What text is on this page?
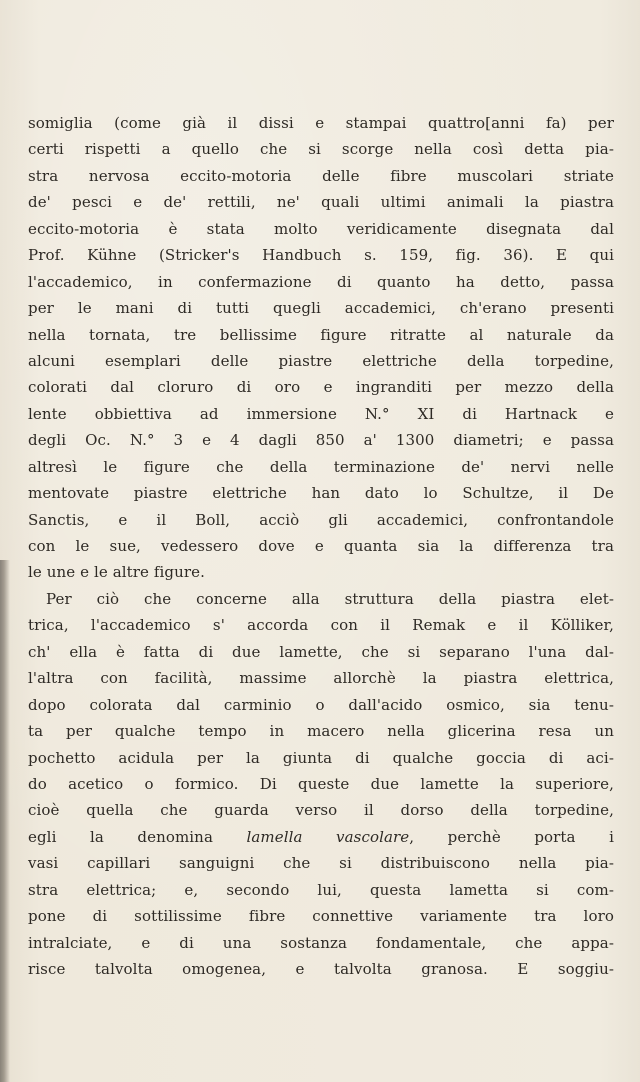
somiglia (come già il dissi e stampai quattro[anni fa) per
certi rispetti a quello che si scorge nella così detta pia-
stra nervosa eccito-motoria delle fibre muscolari striate
de' pesci e de' rettili, ne' quali ultimi animali la piastra
eccito-motoria è stata molto veridicamente disegnata dal
Prof. Kühne (Stricker's Handbuch s. 159, fig. 36). E qui
l'accademico, in confermazione di quanto ha detto, passa
per le mani di tutti quegli accademici, ch'erano presenti
nella tornata, tre bellissime figure ritratte al naturale da
alcuni esemplari delle piastre elettriche della torpedine,
colorati dal cloruro di oro e ingranditi per mezzo della
lente obbiettiva ad immersione N.° XI di Hartnack e
degli Oc. N.° 3 e 4 dagli 850 a' 1300 diametri; e passa
altresì le figure che della terminazione de' nervi nelle
mentovate piastre elettriche han dato lo Schultze, il De
Sanctis, e il Boll, acciò gli accademici, confrontandole
con le sue, vedessero dove e quanta sia la differenza tra
le une e le altre figure.
Per ciò che concerne alla struttura della piastra elet-
trica, l'accademico s' accorda con il Remak e il Kölliker,
ch' ella è fatta di due lamette, che si separano l'una dal-
l'altra con facilità, massime allorchè la piastra elettrica,
dopo colorata dal carminio o dall'acido osmico, sia tenu-
ta per qualche tempo in macero nella glicerina resa un
pochetto acidula per la giunta di qualche goccia di aci-
do acetico o formico. Di queste due lamette la superiore,
cioè quella che guarda verso il dorso della torpedine,
egli la denomina lamella vascolare, perchè porta i
vasi capillari sanguigni che si distribuiscono nella pia-
stra elettrica; e, secondo lui, questa lametta si com-
pone di sottilissime fibre connettive variamente tra loro
intralciate, e di una sostanza fondamentale, che appa-
risce talvolta omogenea, e talvolta granosa. E soggiu-
